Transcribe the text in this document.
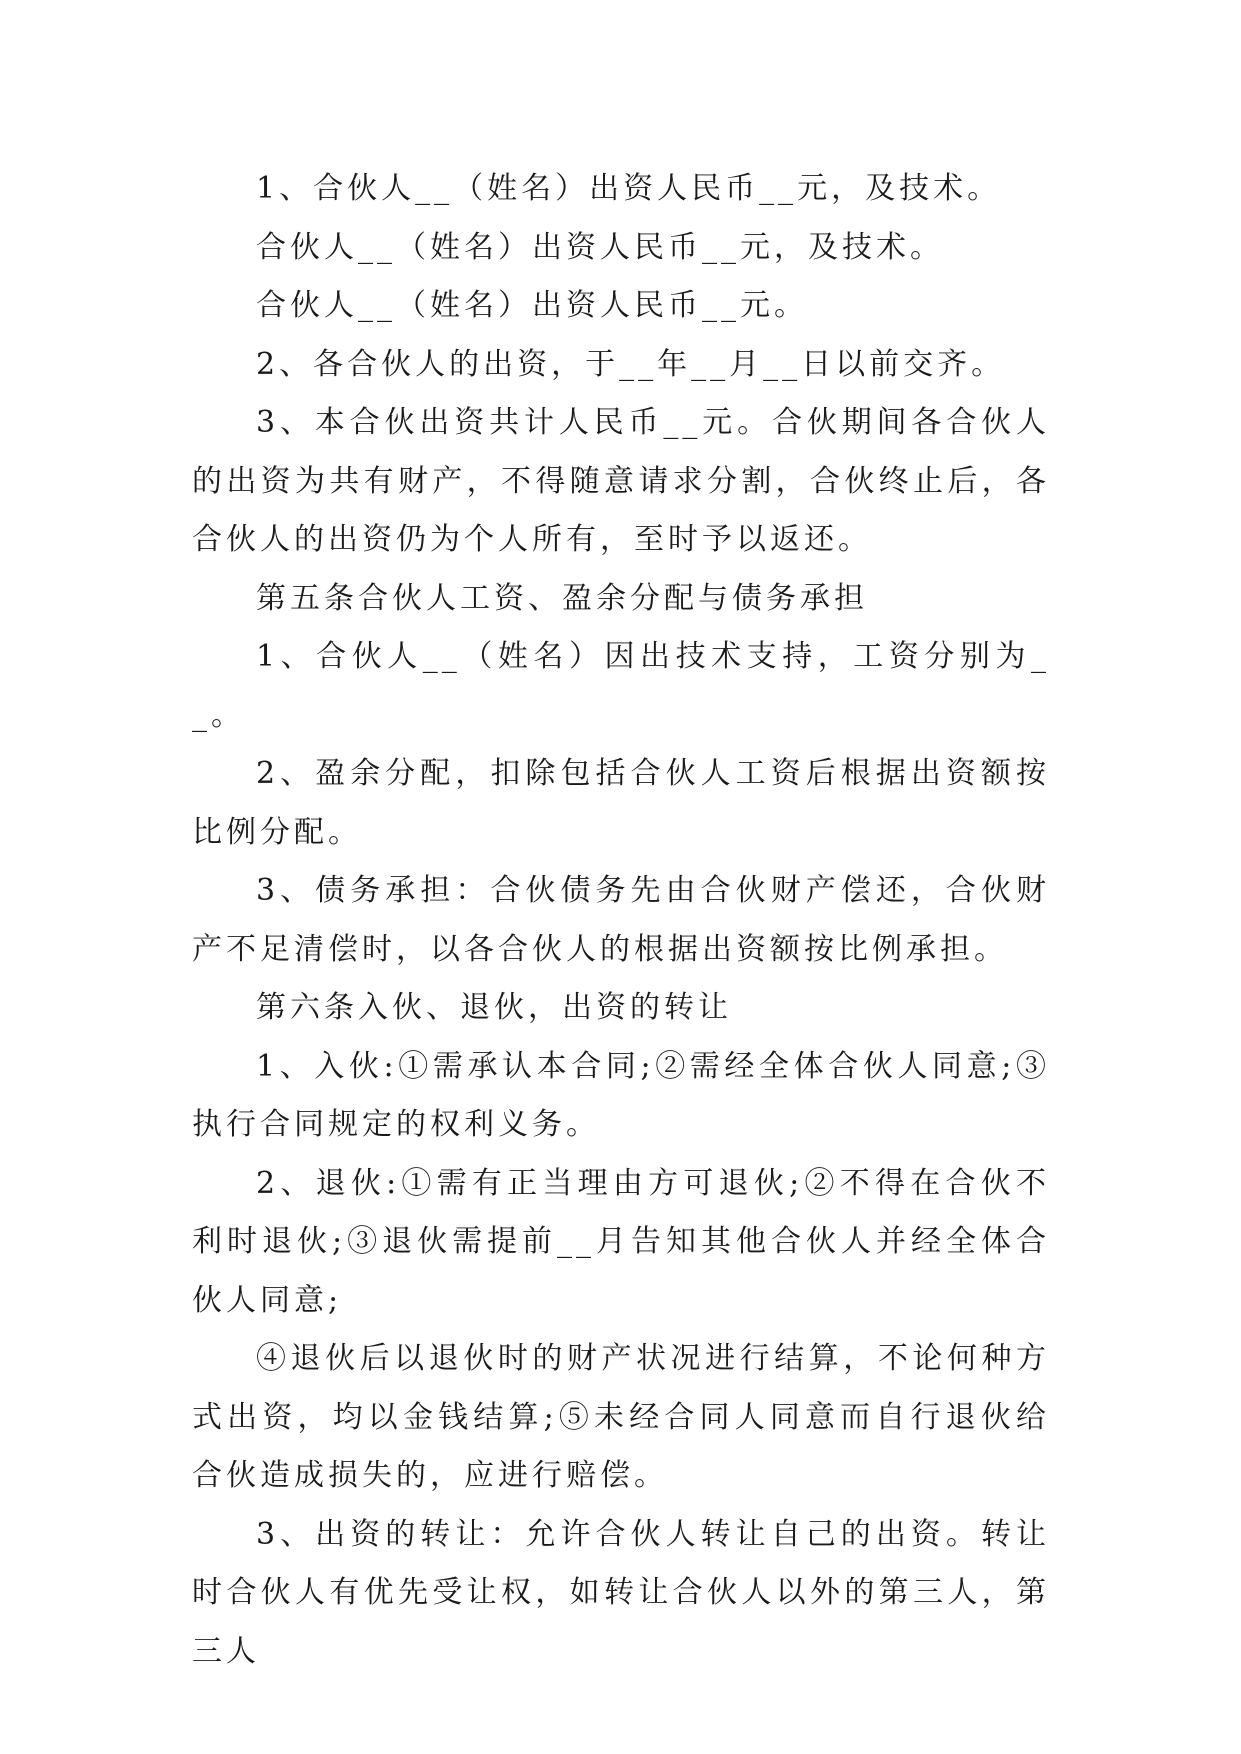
1、合伙人__（姓名）出资人民币__元，及技术。

合伙人__（姓名）出资人民币__元，及技术。

合伙人__（姓名）出资人民币__元。

2、各合伙人的出资，于__年__月__日以前交齐。

3、本合伙出资共计人民币__元。合伙期间各合伙人的出资为共有财产，不得随意请求分割，合伙终止后，各合伙人的出资仍为个人所有，至时予以返还。

第五条合伙人工资、盈余分配与债务承担

1、合伙人__（姓名）因出技术支持，工资分别为__。

2、盈余分配，扣除包括合伙人工资后根据出资额按比例分配。

3、债务承担：合伙债务先由合伙财产偿还，合伙财产不足清偿时，以各合伙人的根据出资额按比例承担。

第六条入伙、退伙，出资的转让

1、入伙:①需承认本合同;②需经全体合伙人同意;③执行合同规定的权利义务。

2、退伙:①需有正当理由方可退伙;②不得在合伙不利时退伙;③退伙需提前__月告知其他合伙人并经全体合伙人同意;

④退伙后以退伙时的财产状况进行结算，不论何种方式出资，均以金钱结算;⑤未经合同人同意而自行退伙给合伙造成损失的，应进行赔偿。

3、出资的转让：允许合伙人转让自己的出资。转让时合伙人有优先受让权，如转让合伙人以外的第三人，第三人
